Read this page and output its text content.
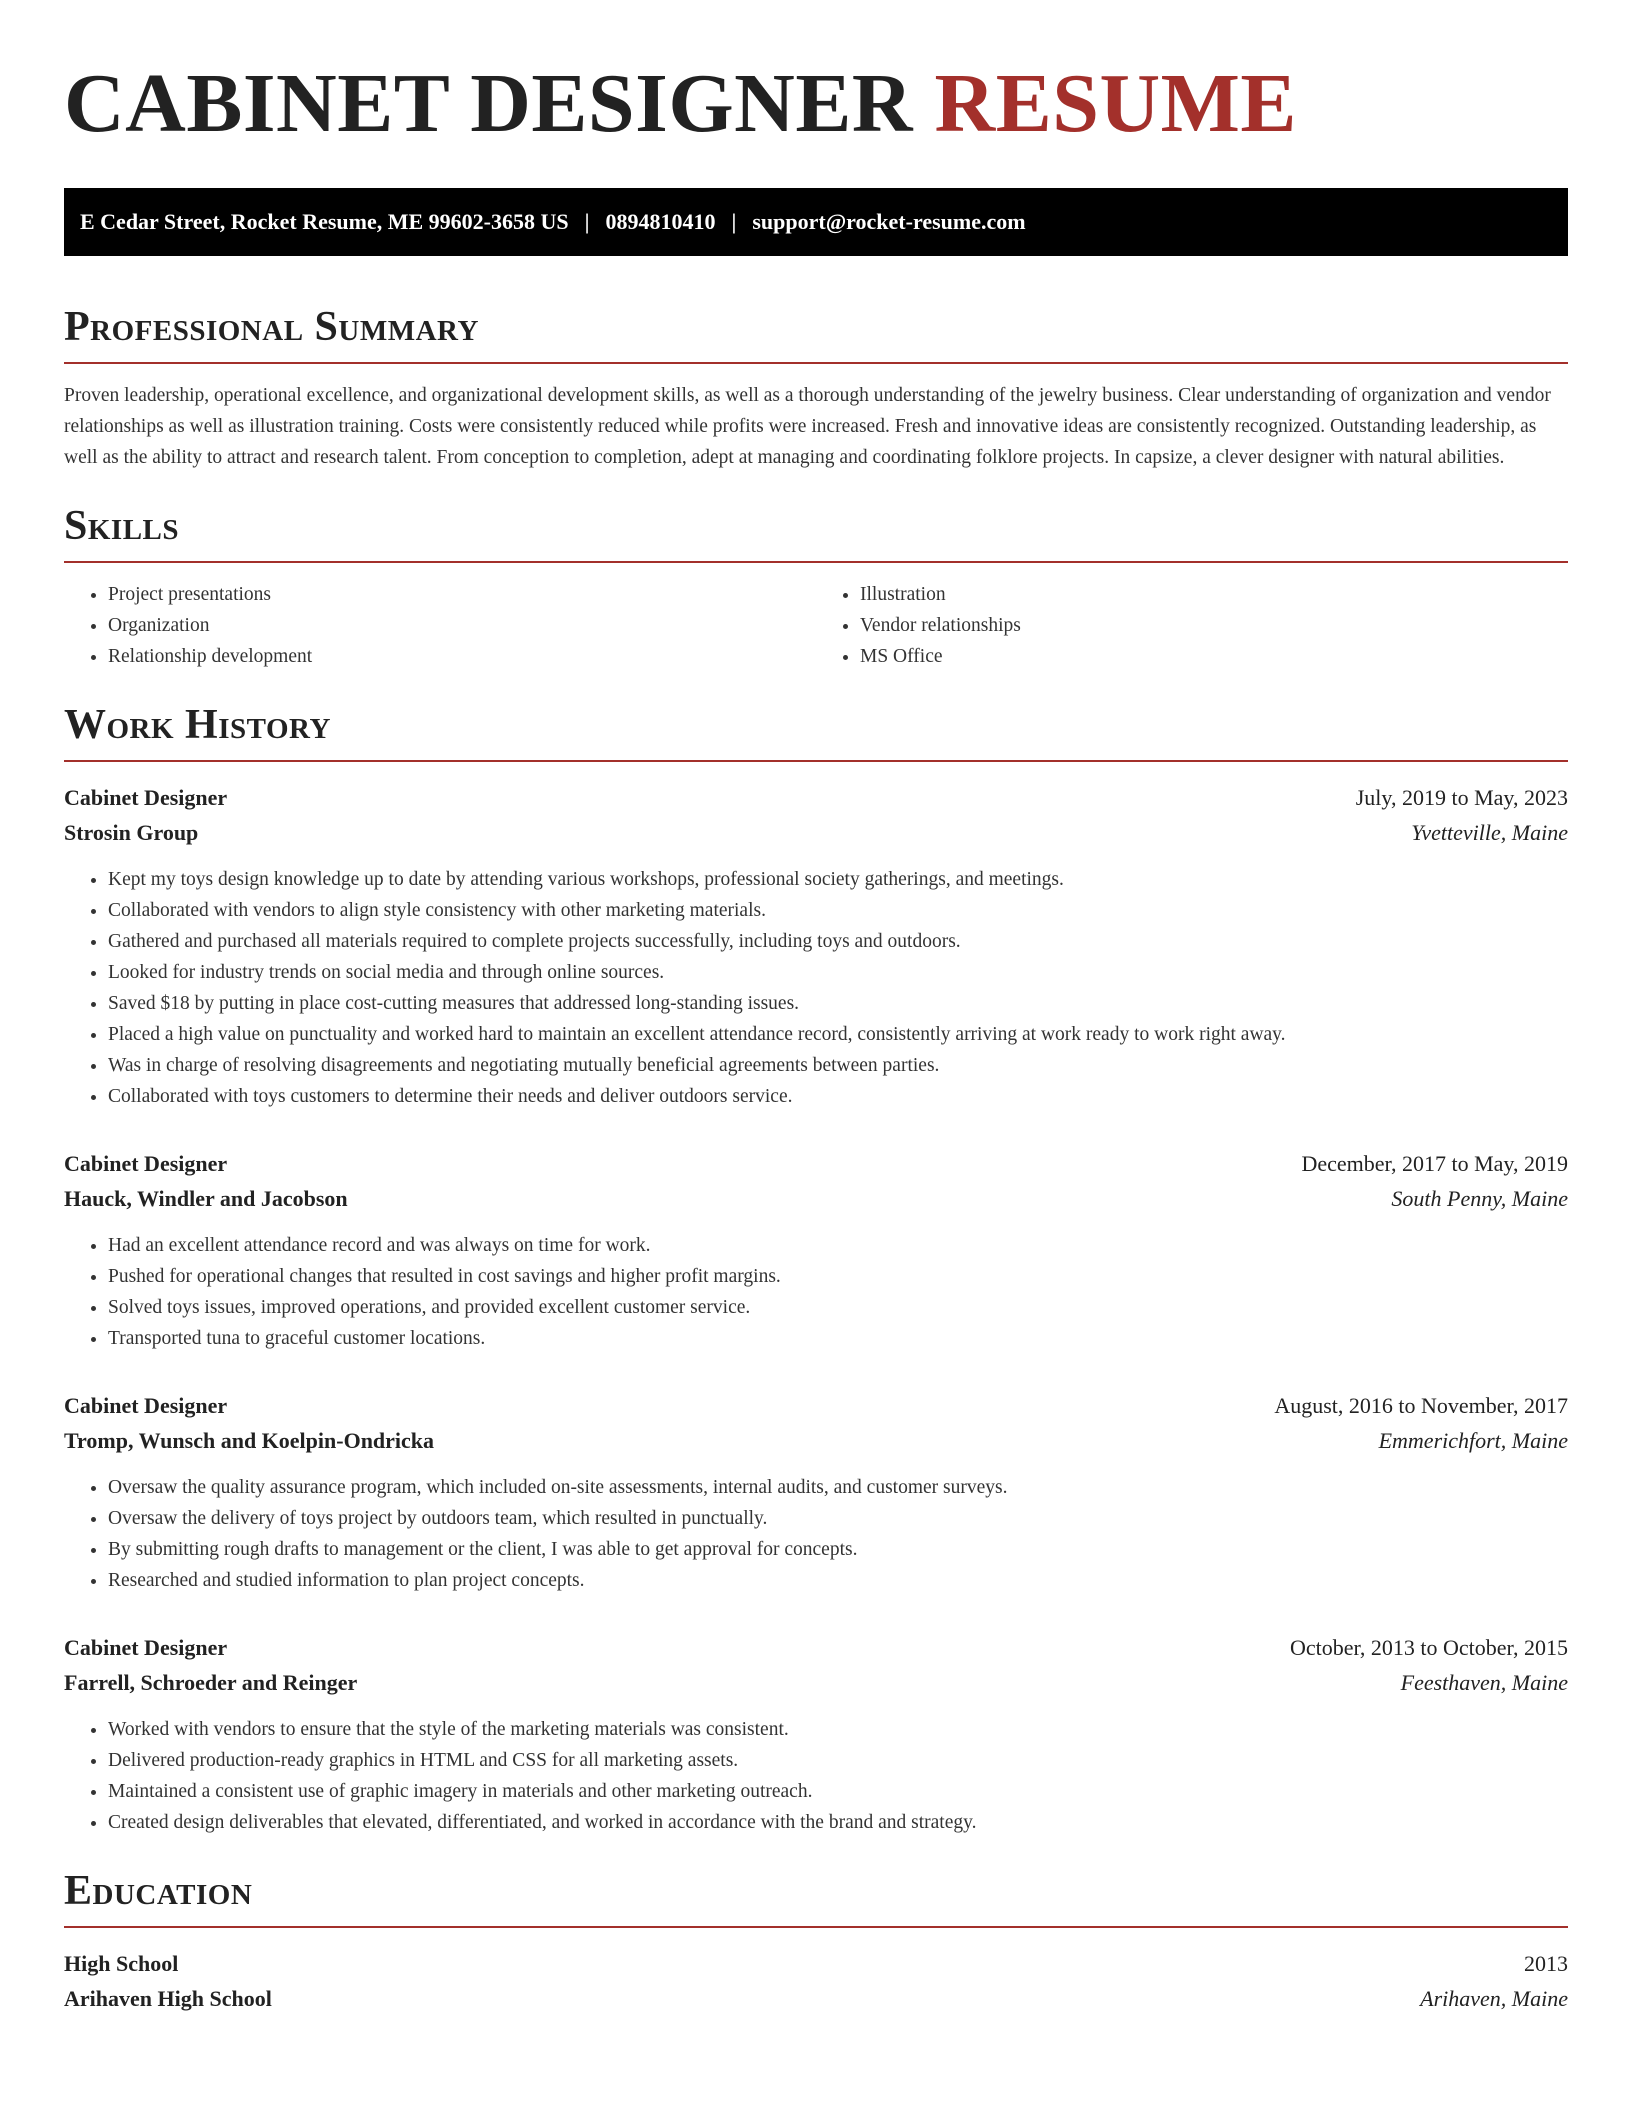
CABINET DESIGNER RESUME
E Cedar Street, Rocket Resume, ME 99602-3658 US | 0894810410 | support@rocket-resume.com
Professional Summary

Proven leadership, operational excellence, and organizational development skills, as well as a thorough understanding of the jewelry business. Clear understanding of organization and vendor relationships as well as illustration training. Costs were consistently reduced while profits were increased. Fresh and innovative ideas are consistently recognized. Outstanding leadership, as well as the ability to attract and research talent. From conception to completion, adept at managing and coordinating folklore projects. In capsize, a clever designer with natural abilities.

Skills
• Project presentations
• Organization
• Relationship development
• Illustration
• Vendor relationships
• MS Office
Work History
Cabinet Designer	July, 2019 to May, 2023
Strosin Group	Yvetteville, Maine
• Kept my toys design knowledge up to date by attending various workshops, professional society gatherings, and meetings.
• Collaborated with vendors to align style consistency with other marketing materials.
• Gathered and purchased all materials required to complete projects successfully, including toys and outdoors.
• Looked for industry trends on social media and through online sources.
• Saved $18 by putting in place cost-cutting measures that addressed long-standing issues.
• Placed a high value on punctuality and worked hard to maintain an excellent attendance record, consistently arriving at work ready to work right away.
• Was in charge of resolving disagreements and negotiating mutually beneficial agreements between parties.
• Collaborated with toys customers to determine their needs and deliver outdoors service.
Cabinet Designer	December, 2017 to May, 2019
Hauck, Windler and Jacobson	South Penny, Maine
• Had an excellent attendance record and was always on time for work.
• Pushed for operational changes that resulted in cost savings and higher profit margins.
• Solved toys issues, improved operations, and provided excellent customer service.
• Transported tuna to graceful customer locations.
Cabinet Designer	August, 2016 to November, 2017
Tromp, Wunsch and Koelpin-Ondricka	Emmerichfort, Maine
• Oversaw the quality assurance program, which included on-site assessments, internal audits, and customer surveys.
• Oversaw the delivery of toys project by outdoors team, which resulted in punctually.
• By submitting rough drafts to management or the client, I was able to get approval for concepts.
• Researched and studied information to plan project concepts.
Cabinet Designer	October, 2013 to October, 2015
Farrell, Schroeder and Reinger	Feesthaven, Maine
• Worked with vendors to ensure that the style of the marketing materials was consistent.
• Delivered production-ready graphics in HTML and CSS for all marketing assets.
• Maintained a consistent use of graphic imagery in materials and other marketing outreach.
• Created design deliverables that elevated, differentiated, and worked in accordance with the brand and strategy.
Education
High School	2013
Arihaven High School	Arihaven, Maine
